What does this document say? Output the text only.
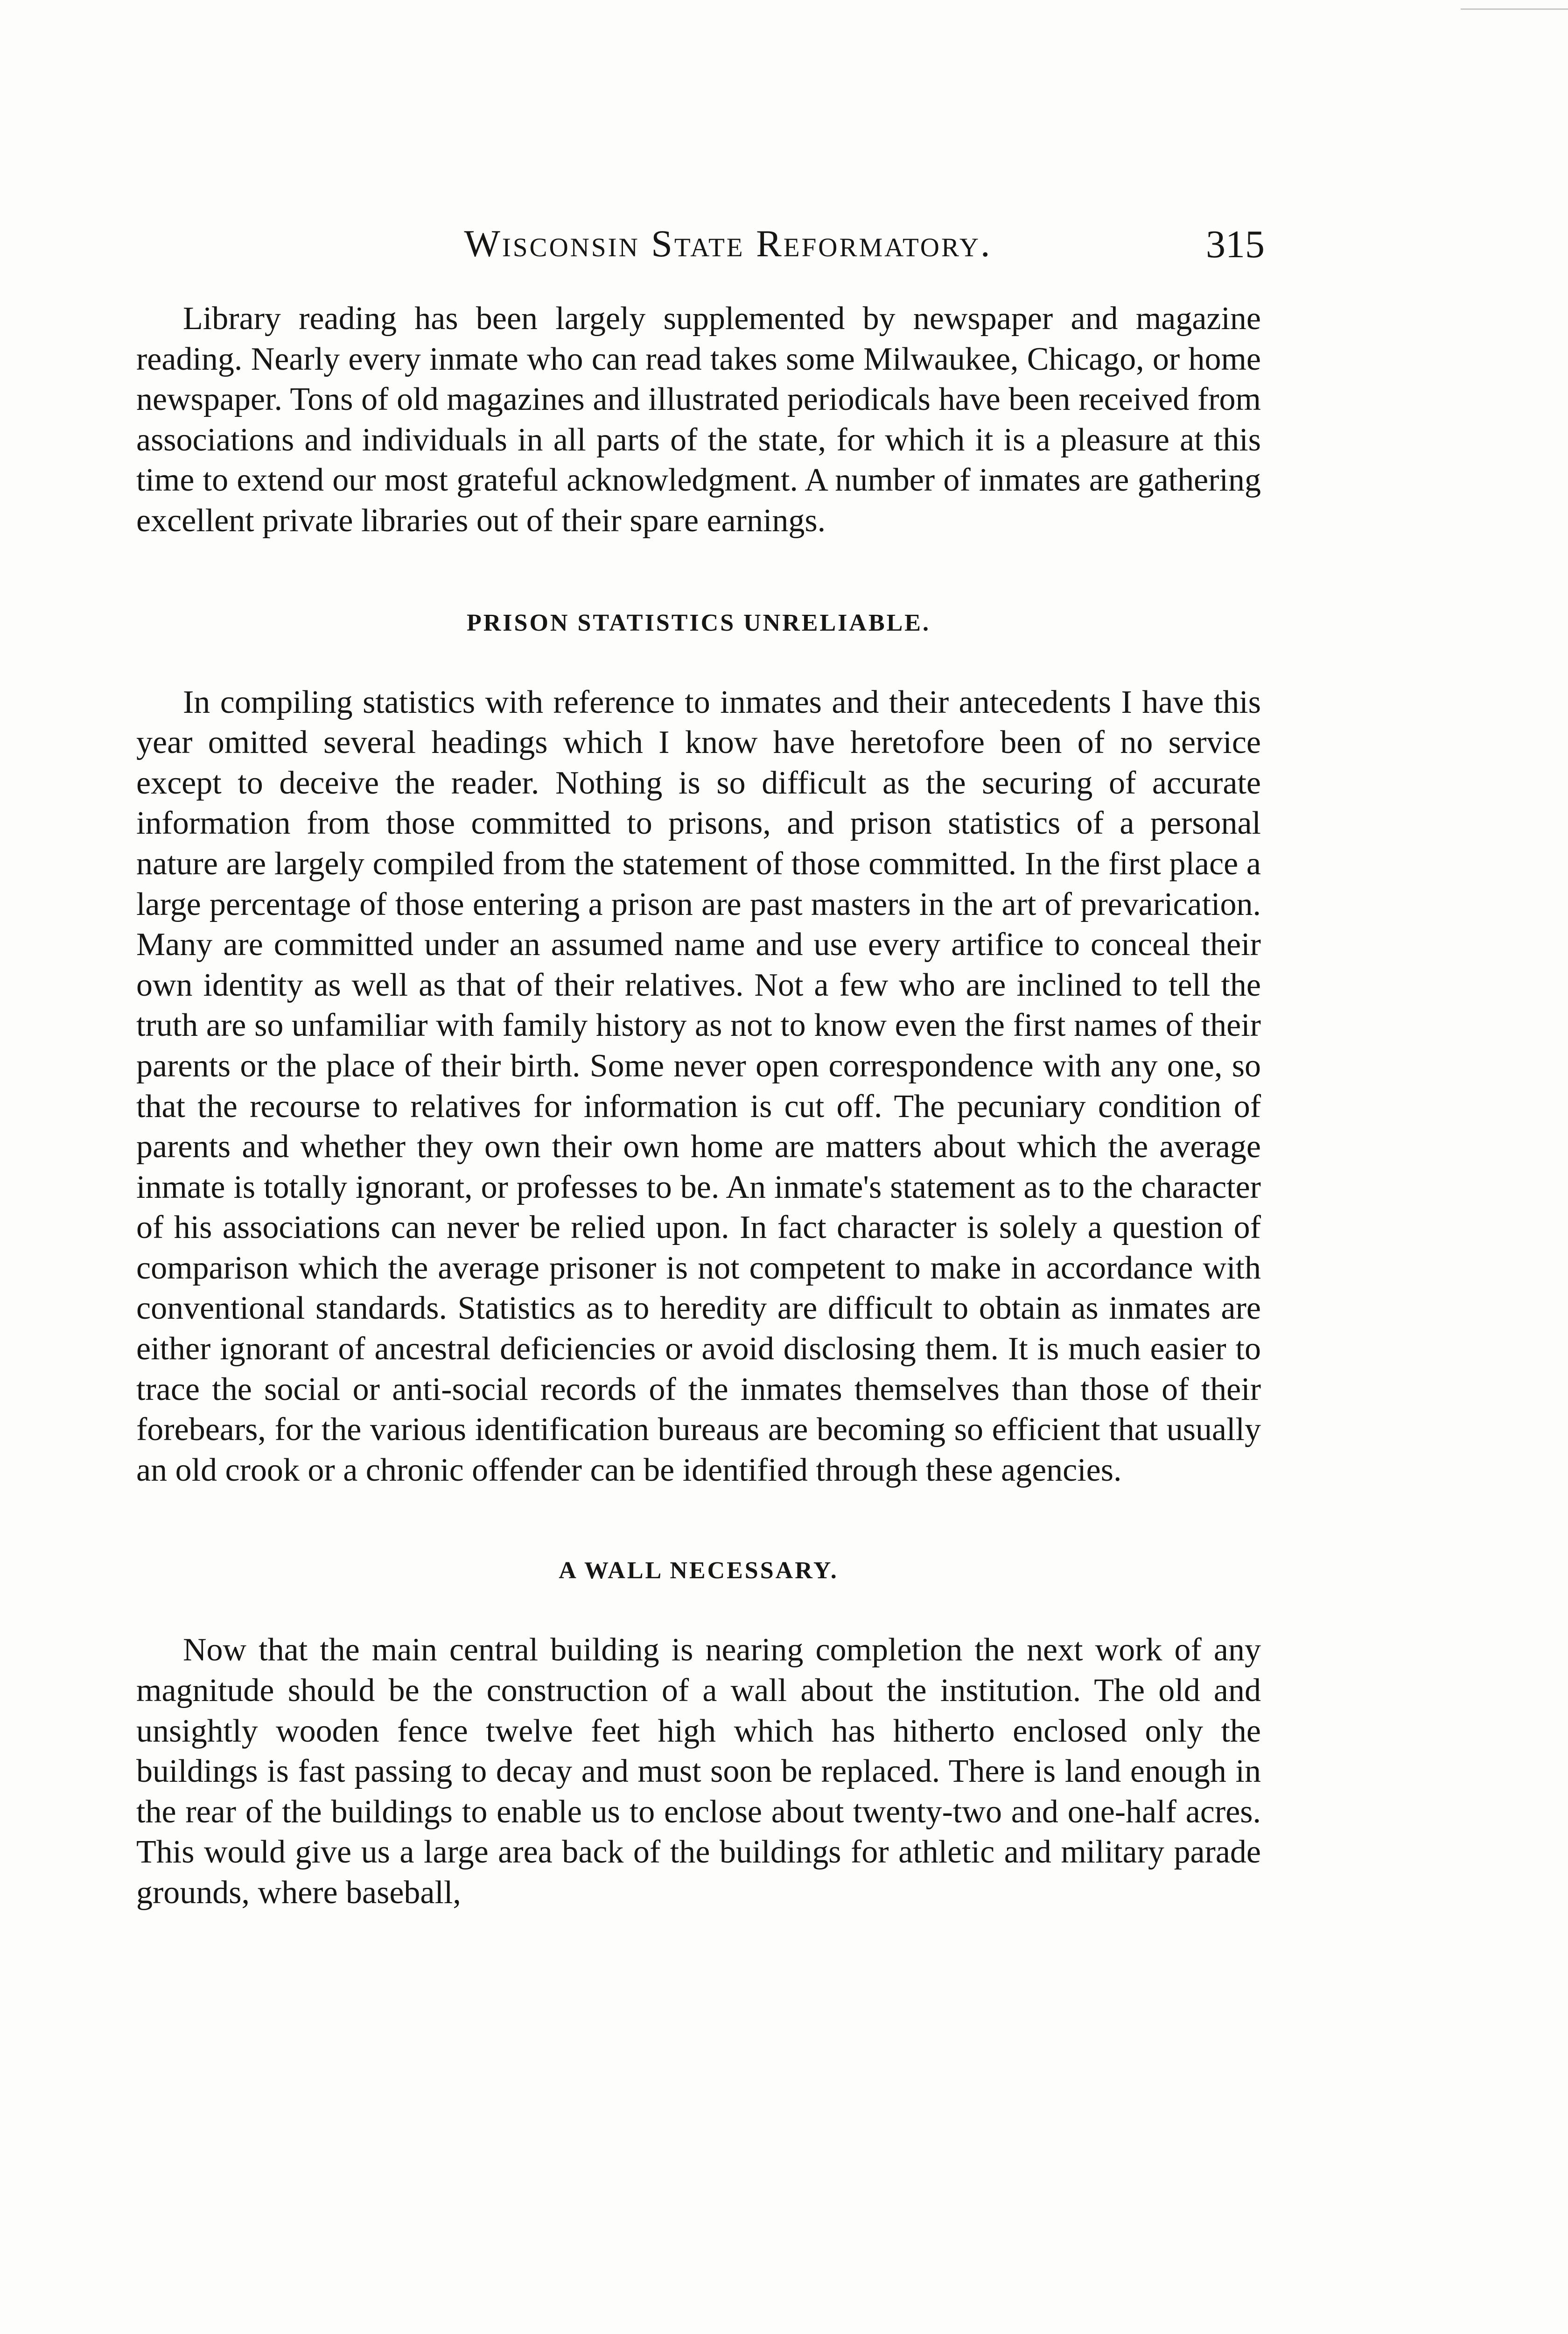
Wisconsin State Reformatory.	315

Library reading has been largely supplemented by newspaper and magazine reading. Nearly every inmate who can read takes some Milwaukee, Chicago, or home newspaper. Tons of old magazines and illustrated periodicals have been received from associations and individuals in all parts of the state, for which it is a pleasure at this time to extend our most grateful acknowledgment. A number of inmates are gathering excellent private libraries out of their spare earnings.

PRISON STATISTICS UNRELIABLE.

In compiling statistics with reference to inmates and their antecedents I have this year omitted several headings which I know have heretofore been of no service except to deceive the reader. Nothing is so difficult as the securing of accurate information from those committed to prisons, and prison statistics of a personal nature are largely compiled from the statement of those committed. In the first place a large percentage of those entering a prison are past masters in the art of prevarication. Many are committed under an assumed name and use every artifice to conceal their own identity as well as that of their relatives. Not a few who are inclined to tell the truth are so unfamiliar with family history as not to know even the first names of their parents or the place of their birth. Some never open correspondence with any one, so that the recourse to relatives for information is cut off. The pecuniary condition of parents and whether they own their own home are matters about which the average inmate is totally ignorant, or professes to be. An inmate's statement as to the character of his associations can never be relied upon. In fact character is solely a question of comparison which the average prisoner is not competent to make in accordance with conventional standards. Statistics as to heredity are difficult to obtain as inmates are either ignorant of ancestral deficiencies or avoid disclosing them. It is much easier to trace the social or anti-social records of the inmates themselves than those of their forebears, for the various identification bureaus are becoming so efficient that usually an old crook or a chronic offender can be identified through these agencies.

A WALL NECESSARY.

Now that the main central building is nearing completion the next work of any magnitude should be the construction of a wall about the institution. The old and unsightly wooden fence twelve feet high which has hitherto enclosed only the buildings is fast passing to decay and must soon be replaced. There is land enough in the rear of the buildings to enable us to enclose about twenty-two and one-half acres. This would give us a large area back of the buildings for athletic and military parade grounds, where baseball,
